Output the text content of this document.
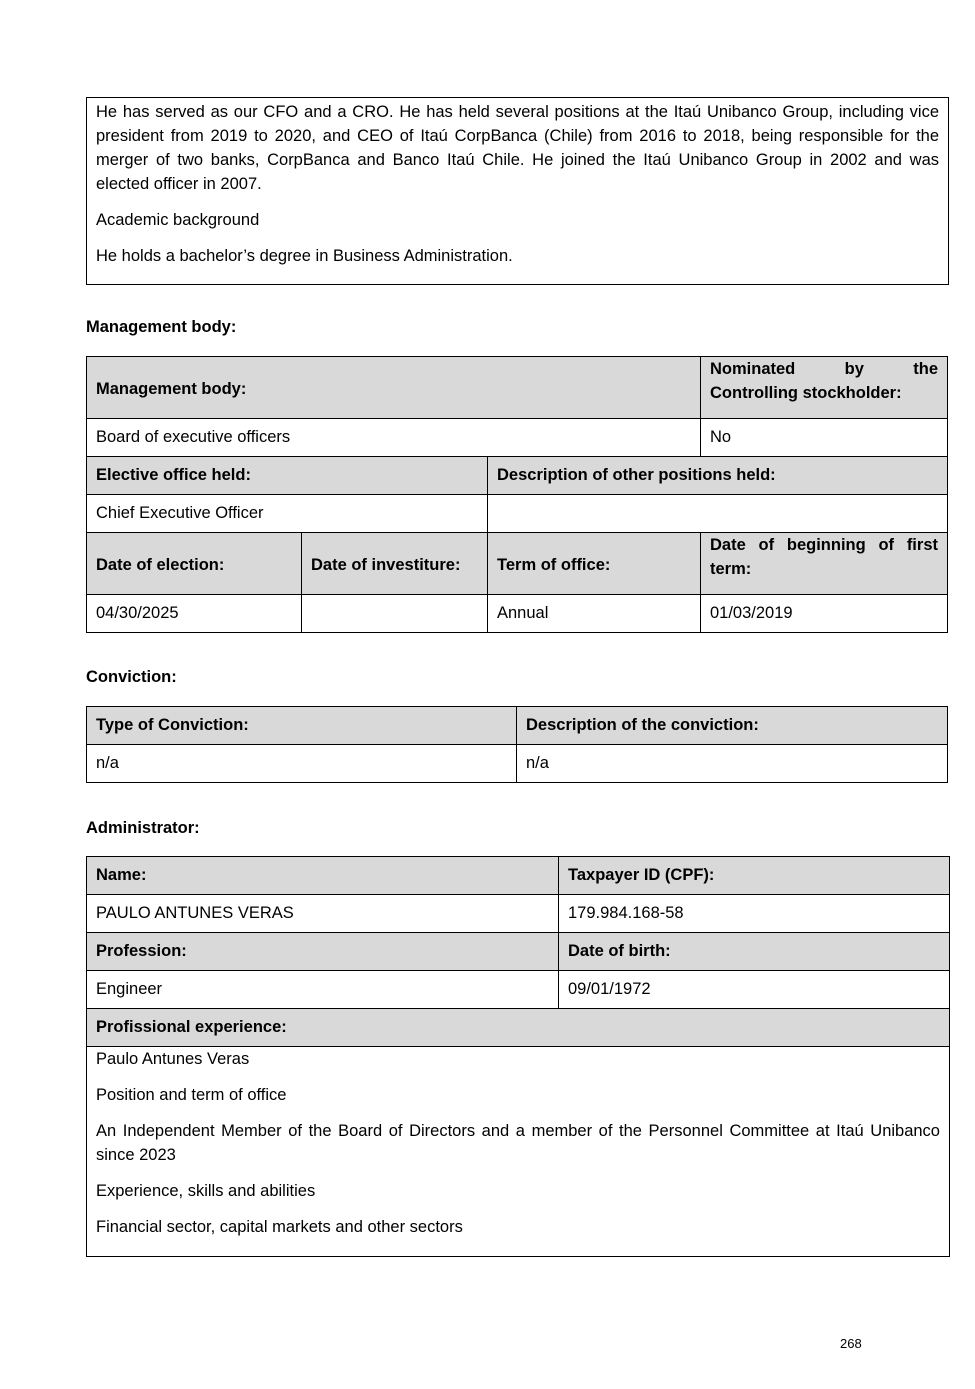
He has served as our CFO and a CRO. He has held several positions at the Itaú Unibanco Group, including vice president from 2019 to 2020, and CEO of Itaú CorpBanca (Chile) from 2016 to 2018, being responsible for the merger of two banks, CorpBanca and Banco Itaú Chile. He joined the Itaú Unibanco Group in 2002 and was elected officer in 2007.

Academic background

He holds a bachelor’s degree in Business Administration.

Management body:
Management body:			Nominated by the Controlling stockholder:
Board of executive officers			No
Elective office held:		Description of other positions held:	
Chief Executive Officer			
Date of election:	Date of investiture:	Term of office:	Date of beginning of first term:
04/30/2025		Annual	01/03/2019
Conviction:
Type of Conviction:	Description of the conviction:
n/a	n/a
Administrator:
Name:	Taxpayer ID (CPF):
PAULO ANTUNES VERAS	179.984.168-58
Profession:	Date of birth:
Engineer	09/01/1972
Profissional experience:	

Paulo Antunes Veras

Position and term of office

An Independent Member of the Board of Directors and a member of the Personnel Committee at Itaú Unibanco since 2023

Experience, skills and abilities

Financial sector, capital markets and other sectors	

268
